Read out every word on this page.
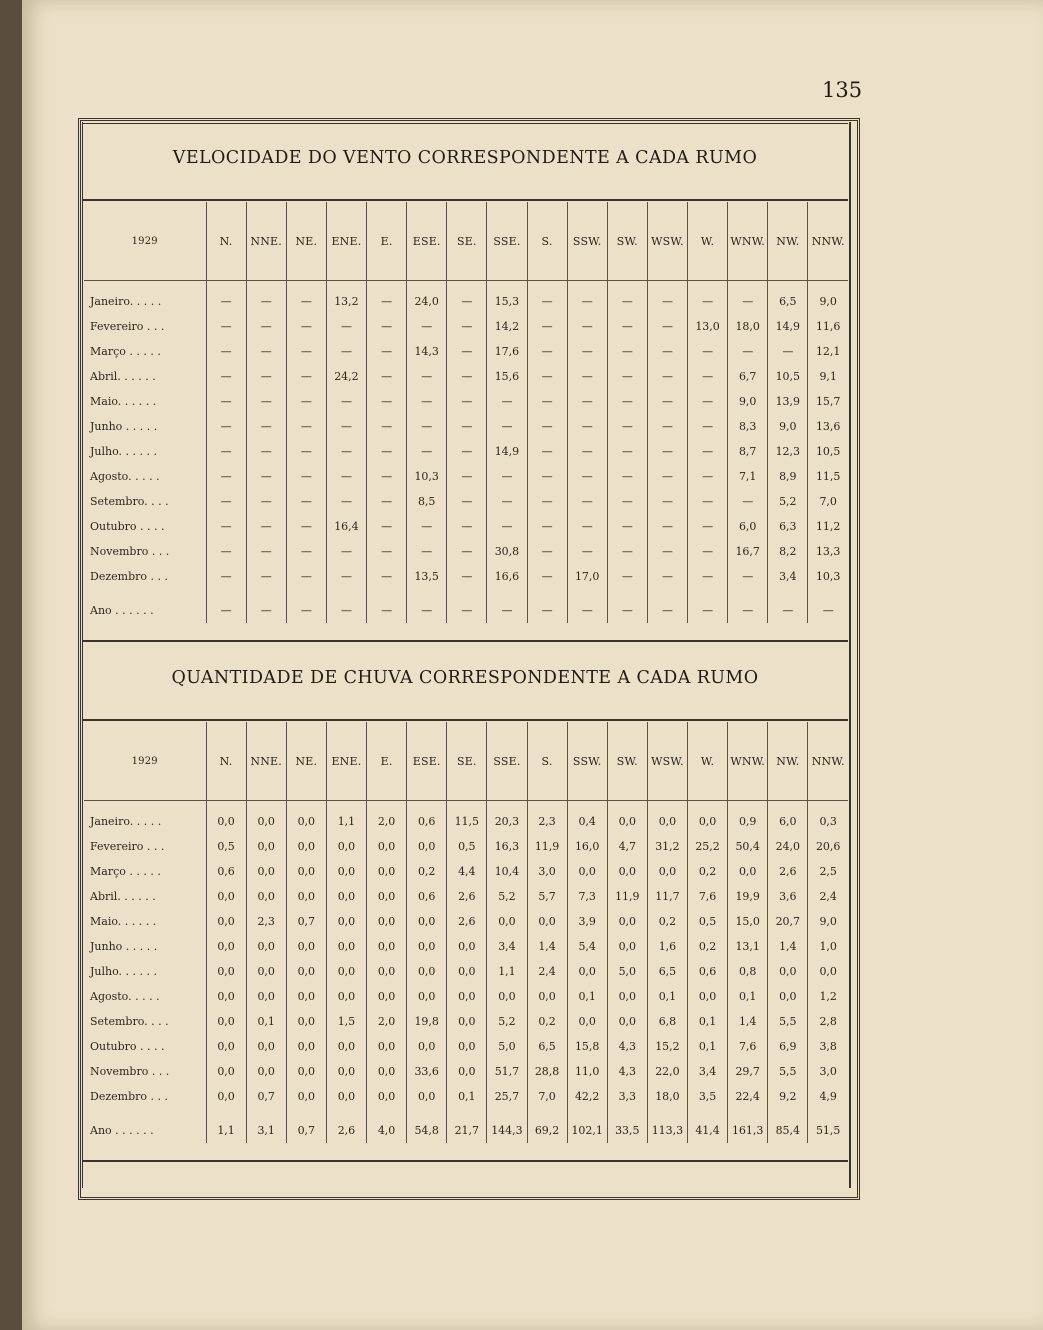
135
VELOCIDADE DO VENTO CORRESPONDENTE A CADA RUMO
1929	N.	NNE.	NE.	ENE.	E.	ESE.	SE.	SSE.	S.	SSW.	SW.	WSW.	W.	WNW.	NW.	NNW.

Janeiro. . . . .	—	—	—	13,2	—	24,0	—	15,3	—	—	—	—	—	—	6,5	9,0
Fevereiro . . .	—	—	—	—	—	—	—	14,2	—	—	—	—	13,0	18,0	14,9	11,6
Março . . . . .	—	—	—	—	—	14,3	—	17,6	—	—	—	—	—	—	—	12,1
Abril. . . . . .	—	—	—	24,2	—	—	—	15,6	—	—	—	—	—	6,7	10,5	9,1
Maio. . . . . .	—	—	—	—	—	—	—	—	—	—	—	—	—	9,0	13,9	15,7
Junho . . . . .	—	—	—	—	—	—	—	—	—	—	—	—	—	8,3	9,0	13,6
Julho. . . . . .	—	—	—	—	—	—	—	14,9	—	—	—	—	—	8,7	12,3	10,5
Agosto. . . . .	—	—	—	—	—	10,3	—	—	—	—	—	—	—	7,1	8,9	11,5
Setembro. . . .	—	—	—	—	—	8,5	—	—	—	—	—	—	—	—	5,2	7,0
Outubro . . . .	—	—	—	16,4	—	—	—	—	—	—	—	—	—	6,0	6,3	11,2
Novembro . . .	—	—	—	—	—	—	—	30,8	—	—	—	—	—	16,7	8,2	13,3
Dezembro . . .	—	—	—	—	—	13,5	—	16,6	—	17,0	—	—	—	—	3,4	10,3

Ano . . . . . .	—	—	—	—	—	—	—	—	—	—	—	—	—	—	—	—
QUANTIDADE DE CHUVA CORRESPONDENTE A CADA RUMO
1929	N.	NNE.	NE.	ENE.	E.	ESE.	SE.	SSE.	S.	SSW.	SW.	WSW.	W.	WNW.	NW.	NNW.

Janeiro. . . . .	0,0	0,0	0,0	1,1	2,0	0,6	11,5	20,3	2,3	0,4	0,0	0,0	0,0	0,9	6,0	0,3
Fevereiro . . .	0,5	0,0	0,0	0,0	0,0	0,0	0,5	16,3	11,9	16,0	4,7	31,2	25,2	50,4	24,0	20,6
Março . . . . .	0,6	0,0	0,0	0,0	0,0	0,2	4,4	10,4	3,0	0,0	0,0	0,0	0,2	0,0	2,6	2,5
Abril. . . . . .	0,0	0,0	0,0	0,0	0,0	0,6	2,6	5,2	5,7	7,3	11,9	11,7	7,6	19,9	3,6	2,4
Maio. . . . . .	0,0	2,3	0,7	0,0	0,0	0,0	2,6	0,0	0,0	3,9	0,0	0,2	0,5	15,0	20,7	9,0
Junho . . . . .	0,0	0,0	0,0	0,0	0,0	0,0	0,0	3,4	1,4	5,4	0,0	1,6	0,2	13,1	1,4	1,0
Julho. . . . . .	0,0	0,0	0,0	0,0	0,0	0,0	0,0	1,1	2,4	0,0	5,0	6,5	0,6	0,8	0,0	0,0
Agosto. . . . .	0,0	0,0	0,0	0,0	0,0	0,0	0,0	0,0	0,0	0,1	0,0	0,1	0,0	0,1	0,0	1,2
Setembro. . . .	0,0	0,1	0,0	1,5	2,0	19,8	0,0	5,2	0,2	0,0	0,0	6,8	0,1	1,4	5,5	2,8
Outubro . . . .	0,0	0,0	0,0	0,0	0,0	0,0	0,0	5,0	6,5	15,8	4,3	15,2	0,1	7,6	6,9	3,8
Novembro . . .	0,0	0,0	0,0	0,0	0,0	33,6	0,0	51,7	28,8	11,0	4,3	22,0	3,4	29,7	5,5	3,0
Dezembro . . .	0,0	0,7	0,0	0,0	0,0	0,0	0,1	25,7	7,0	42,2	3,3	18,0	3,5	22,4	9,2	4,9

Ano . . . . . .	1,1	3,1	0,7	2,6	4,0	54,8	21,7	144,3	69,2	102,1	33,5	113,3	41,4	161,3	85,4	51,5
